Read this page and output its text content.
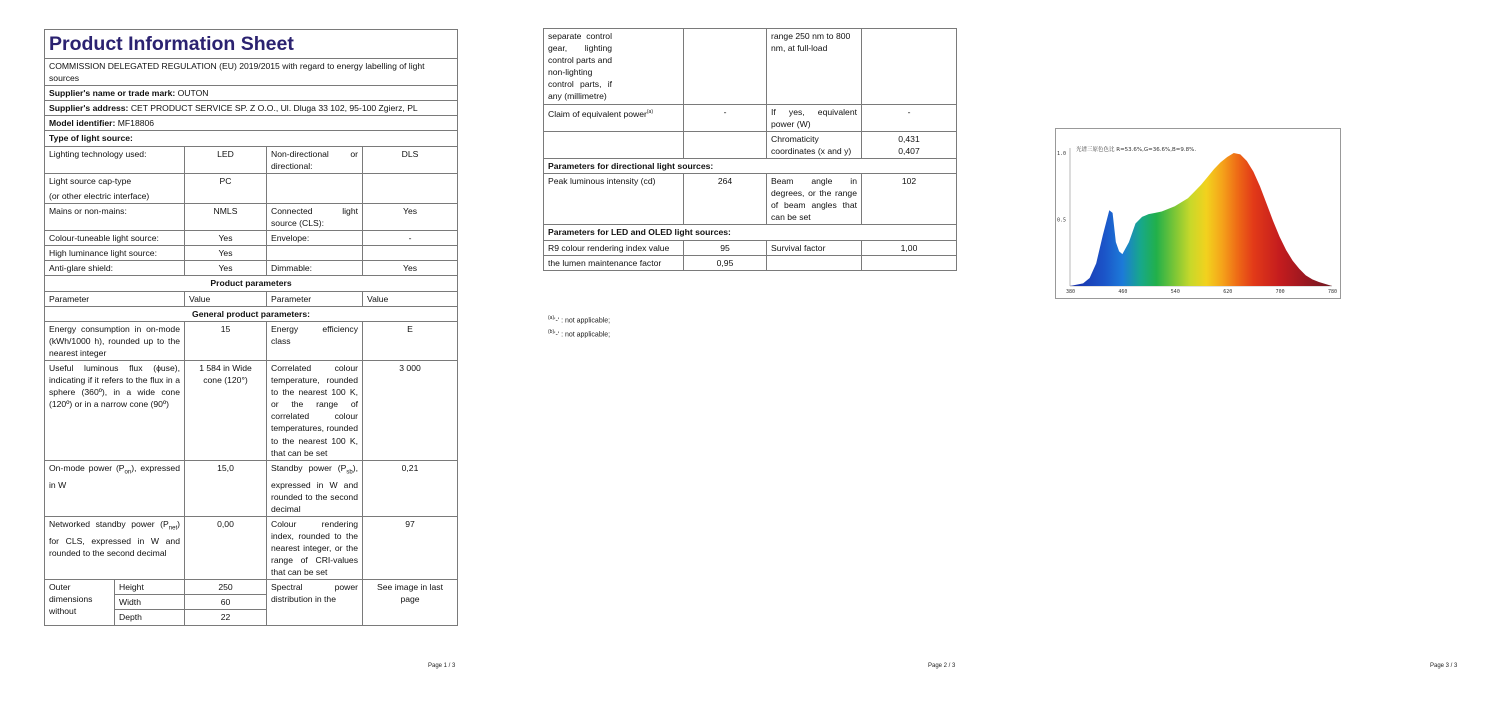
Product Information Sheet				
COMMISSION DELEGATED REGULATION (EU) 2019/2015 with regard to energy labelling of light sources				
Supplier's name or trade mark: OUTON				
Supplier's address: CET PRODUCT SERVICE SP. Z O.O., Ul. Dluga 33 102, 95-100 Zgierz, PL				
Model identifier: MF18806				
Type of light source:				
Lighting technology used:		LED	Non-directional or directional:	DLS

Light source cap-type
(or other electric interface)		PC		
Mains or non-mains:		NMLS	Connected light source (CLS):	Yes
Colour-tuneable light source:		Yes	Envelope:	-
High luminance light source:		Yes		
Anti-glare shield:		Yes	Dimmable:	Yes
Product parameters				
Parameter		Value	Parameter	Value
General product parameters:				
Energy consumption in on-mode (kWh/1000 h), rounded up to the nearest integer		15	Energy efficiency class	E
Useful luminous flux (ϕuse), indicating if it refers to the flux in a sphere (360º), in a wide cone (120º) or in a narrow cone (90º)		1 584 in Wide cone (120°)	Correlated colour temperature, rounded to the nearest 100 K, or the range of correlated colour temperatures, rounded to the nearest 100 K, that can be set	3 000
On-mode power $(P_{on})$, expressed in W		15,0	Standby power $(P_{sb})$, expressed in W and rounded to the second decimal	0,21
Networked standby power $(P_{net})$ for CLS, expressed in W and rounded to the second decimal		0,00	Colour rendering index, rounded to the nearest integer, or the range of CRI-values that can be set	97
Outer dimensions without	Height	250	Spectral power distribution in the	See image in last page
	Width	60		
	Depth	22		
Page 1 / 3
separate control gear, lighting control parts and non-lighting control parts, if any (millimetre)		range 250 nm to 800 nm, at full-load	
Claim of equivalent power$^{(a)}$	-	If yes, equivalent power (W)	-
		Chromaticity coordinates (x and y)	0,431
0,407

Parameters for directional light sources:			
Peak luminous intensity (cd)	264	Beam angle in degrees, or the range of beam angles that can be set	102
Parameters for LED and OLED light sources:			
R9 colour rendering index value	95	Survival factor	1,00
the lumen maintenance factor	0,95		
$^{(a)}$'-' : not applicable;
$^{(b)}$'-' : not applicable;
Page 2 / 3	Page 3 / 3
光谱三原色色比 R=53.6%,G=36.6%,B=9.8%.
380	460	540	620	700	780
1.0
0.5
